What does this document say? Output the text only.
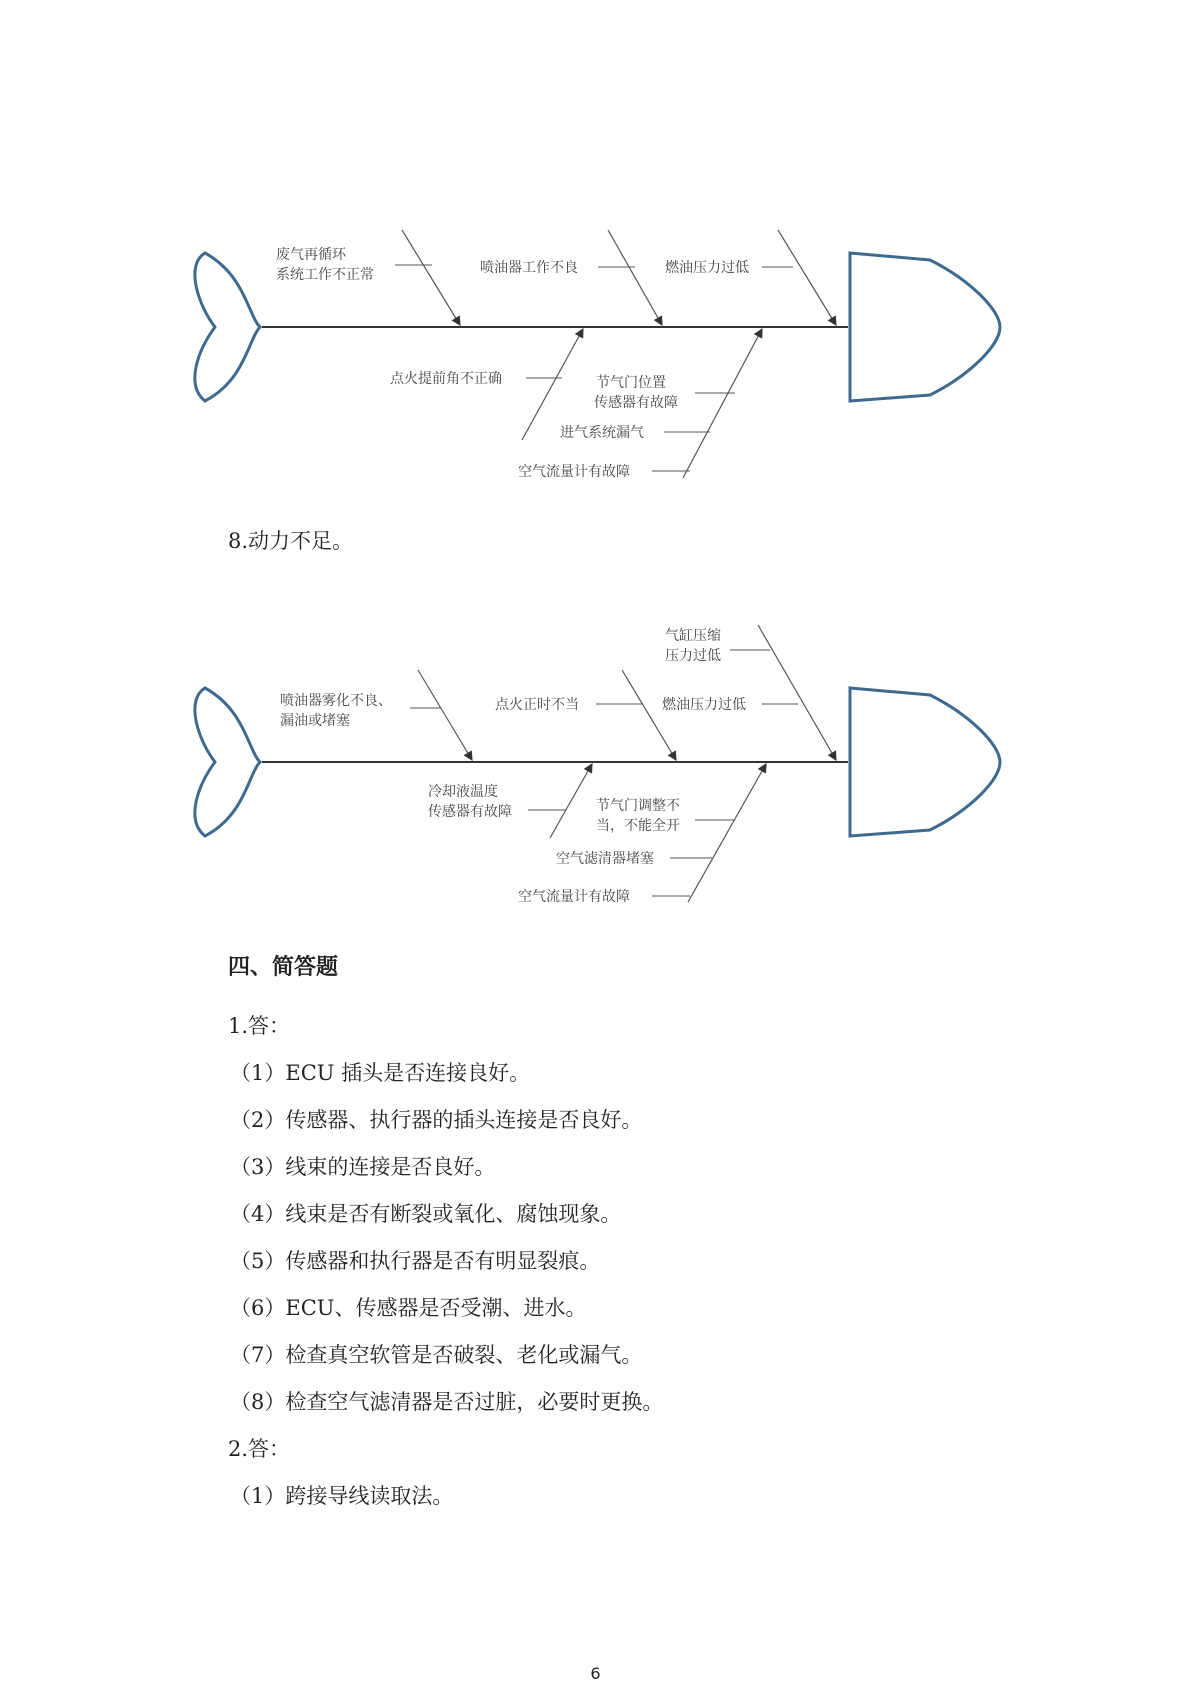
废气再循环
系统工作不正常	喷油器工作不良	燃油压力过低
点火提前角不正确	节气门位置
传感器有故障
进气系统漏气
空气流量计有故障
8.动力不足。
喷油器雾化不良、
漏油或堵塞
点火正时不当
气缸压缩
压力过低
燃油压力过低
冷却液温度
传感器有故障	节气门调整不
当，不能全开
空气滤清器堵塞
空气流量计有故障
四、简答题
1.答：
（1）ECU 插头是否连接良好。
（2）传感器、执行器的插头连接是否良好。
（3）线束的连接是否良好。
（4）线束是否有断裂或氧化、腐蚀现象。
（5）传感器和执行器是否有明显裂痕。
（6）ECU、传感器是否受潮、进水。
（7）检查真空软管是否破裂、老化或漏气。
（8）检查空气滤清器是否过脏，必要时更换。
2.答：
（1）跨接导线读取法。
6
